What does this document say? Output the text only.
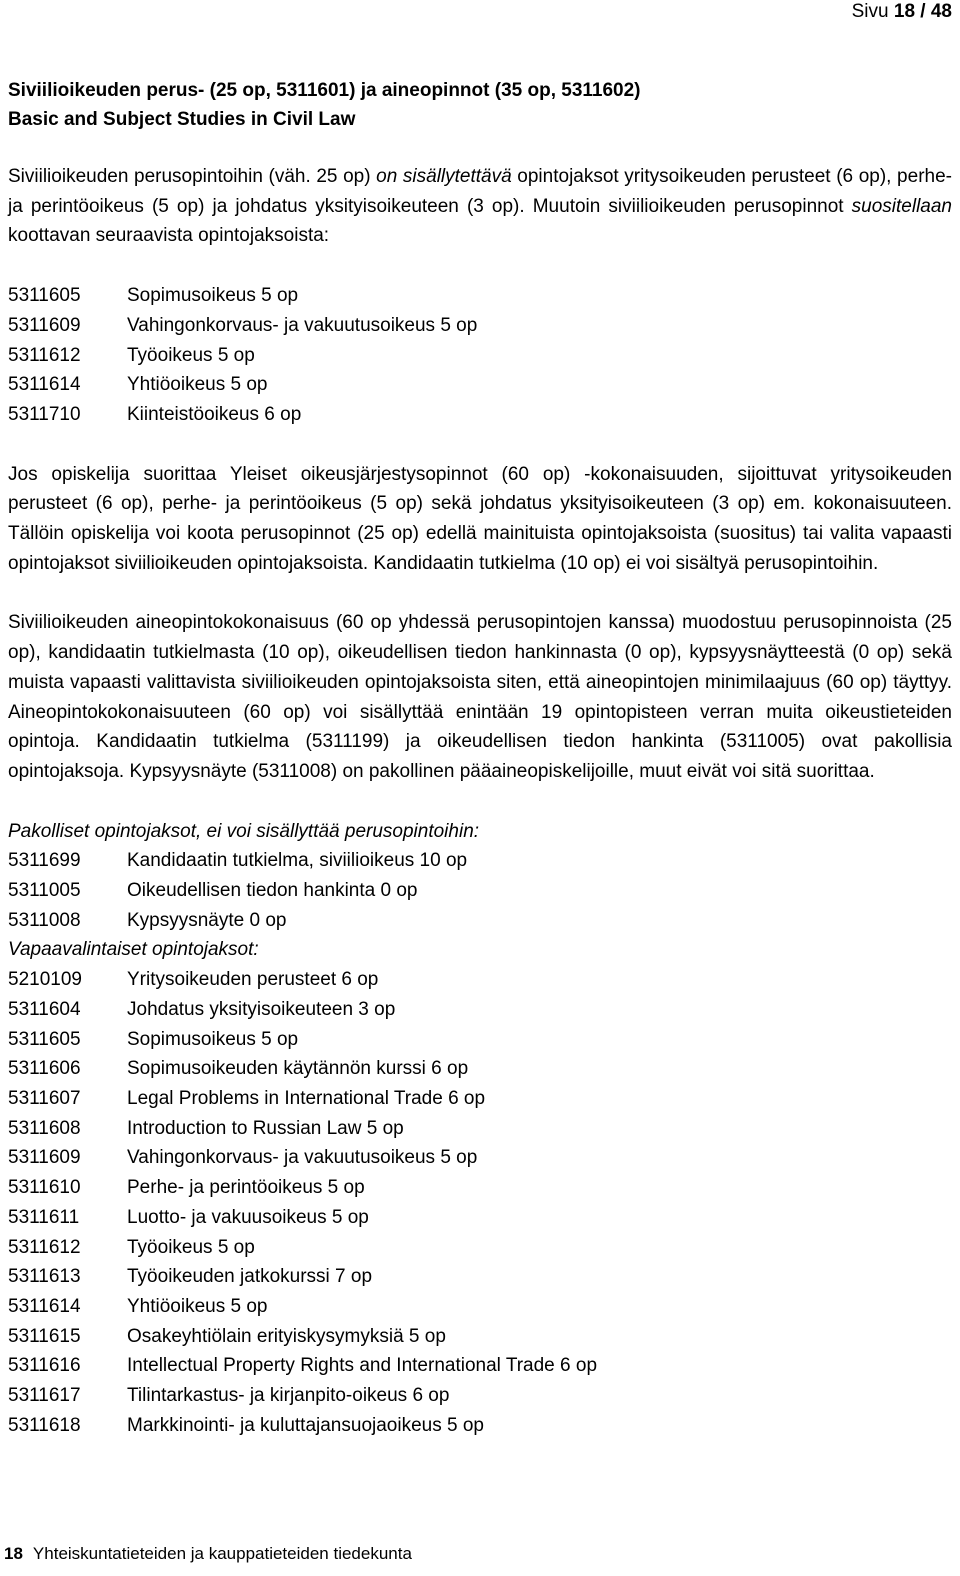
Sivu 18 / 48
Siviilioikeuden perus- (25 op, 5311601) ja aineopinnot (35 op, 5311602)
Basic and Subject Studies in Civil Law

Siviilioikeuden perusopintoihin (väh. 25 op) on sisällytettävä opintojaksot yritysoikeuden perusteet (6 op), perhe- ja perintöoikeus (5 op) ja johdatus yksityisoikeuteen (3 op). Muutoin siviilioikeuden perusopinnot suositellaan koottavan seuraavista opintojaksoista:

5311605	Sopimusoikeus 5 op
5311609	Vahingonkorvaus- ja vakuutusoikeus 5 op
5311612	Työoikeus 5 op
5311614	Yhtiöoikeus 5 op
5311710	Kiinteistöoikeus 6 op

Jos opiskelija suorittaa Yleiset oikeusjärjestysopinnot (60 op) -kokonaisuuden, sijoittuvat yritysoikeuden perusteet (6 op), perhe- ja perintöoikeus (5 op) sekä johdatus yksityisoikeuteen (3 op) em. kokonaisuuteen. Tällöin opiskelija voi koota perusopinnot (25 op) edellä mainituista opintojaksoista (suositus) tai valita vapaasti opintojaksot siviilioikeuden opintojaksoista. Kandidaatin tutkielma (10 op) ei voi sisältyä perusopintoihin.

Siviilioikeuden aineopintokokonaisuus (60 op yhdessä perusopintojen kanssa) muodostuu perusopinnoista (25 op), kandidaatin tutkielmasta (10 op), oikeudellisen tiedon hankinnasta (0 op), kypsyysnäytteestä (0 op) sekä muista vapaasti valittavista siviilioikeuden opintojaksoista siten, että aineopintojen minimilaajuus (60 op) täyttyy. Aineopintokokonaisuuteen (60 op) voi sisällyttää enintään 19 opintopisteen verran muita oikeustieteiden opintoja. Kandidaatin tutkielma (5311199) ja oikeudellisen tiedon hankinta (5311005) ovat pakollisia opintojaksoja. Kypsyysnäyte (5311008) on pakollinen pääaineopiskelijoille, muut eivät voi sitä suorittaa.

Pakolliset opintojaksot, ei voi sisällyttää perusopintoihin:
5311699	Kandidaatin tutkielma, siviilioikeus 10 op
5311005	Oikeudellisen tiedon hankinta 0 op
5311008	Kypsyysnäyte 0 op
Vapaavalintaiset opintojaksot:
5210109	Yritysoikeuden perusteet 6 op
5311604	Johdatus yksityisoikeuteen 3 op
5311605	Sopimusoikeus 5 op
5311606	Sopimusoikeuden käytännön kurssi 6 op
5311607	Legal Problems in International Trade 6 op
5311608	Introduction to Russian Law 5 op
5311609	Vahingonkorvaus- ja vakuutusoikeus 5 op
5311610	Perhe- ja perintöoikeus 5 op
5311611	Luotto- ja vakuusoikeus 5 op
5311612	Työoikeus 5 op
5311613	Työoikeuden jatkokurssi 7 op
5311614	Yhtiöoikeus 5 op
5311615	Osakeyhtiölain erityiskysymyksiä 5 op
5311616	Intellectual Property Rights and International Trade 6 op
5311617	Tilintarkastus- ja kirjanpito-oikeus 6 op
5311618	Markkinointi- ja kuluttajansuojaoikeus 5 op
18 Yhteiskuntatieteiden ja kauppatieteiden tiedekunta
